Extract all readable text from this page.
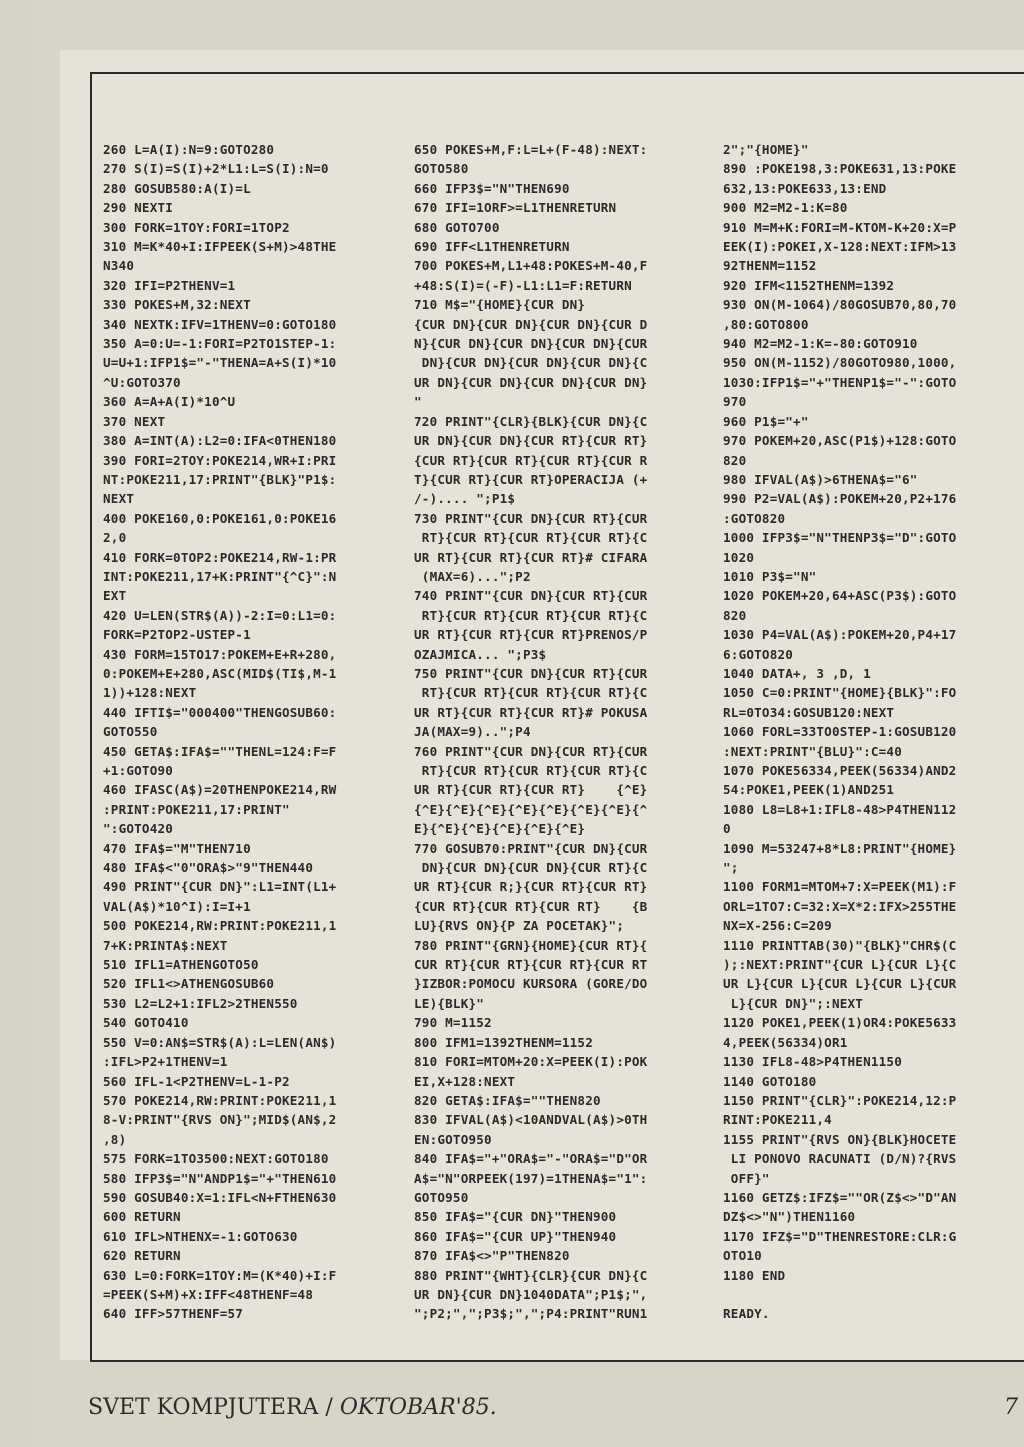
260 L=A(I):N=9:GOTO280
270 S(I)=S(I)+2*L1:L=S(I):N=0
280 GOSUB580:A(I)=L
290 NEXTI
300 FORK=1TOY:FORI=1TOP2
310 M=K*40+I:IFPEEK(S+M)>48THE
N340
320 IFI=P2THENV=1
330 POKES+M,32:NEXT
340 NEXTK:IFV=1THENV=0:GOTO180
350 A=0:U=-1:FORI=P2TO1STEP-1:
U=U+1:IFP1$="-"THENA=A+S(I)*10
^U:GOTO370
360 A=A+A(I)*10^U
370 NEXT
380 A=INT(A):L2=0:IFA<0THEN180
390 FORI=2TOY:POKE214,WR+I:PRI
NT:POKE211,17:PRINT"{BLK}"P1$:
NEXT
400 POKE160,0:POKE161,0:POKE16
2,0
410 FORK=0TOP2:POKE214,RW-1:PR
INT:POKE211,17+K:PRINT"{^C}":N
EXT
420 U=LEN(STR$(A))-2:I=0:L1=0:
FORK=P2TOP2-USTEP-1
430 FORM=15TO17:POKEM+E+R+280,
0:POKEM+E+280,ASC(MID$(TI$,M-1
1))+128:NEXT
440 IFTI$="000400"THENGOSUB60:
GOTO550
450 GETA$:IFA$=""THENL=124:F=F
+1:GOTO90
460 IFASC(A$)=20THENPOKE214,RW
:PRINT:POKE211,17:PRINT"
":GOTO420
470 IFA$="M"THEN710
480 IFA$<"0"ORA$>"9"THEN440
490 PRINT"{CUR DN}":L1=INT(L1+
VAL(A$)*10^I):I=I+1
500 POKE214,RW:PRINT:POKE211,1
7+K:PRINTA$:NEXT
510 IFL1=ATHENGOTO50
520 IFL1<>ATHENGOSUB60
530 L2=L2+1:IFL2>2THEN550
540 GOTO410
550 V=0:AN$=STR$(A):L=LEN(AN$)
:IFL>P2+1THENV=1
560 IFL-1<P2THENV=L-1-P2
570 POKE214,RW:PRINT:POKE211,1
8-V:PRINT"{RVS ON}";MID$(AN$,2
,8)
575 FORK=1TO3500:NEXT:GOTO180
580 IFP3$="N"ANDP1$="+"THEN610
590 GOSUB40:X=1:IFL<N+FTHEN630
600 RETURN
610 IFL>NTHENX=-1:GOTO630
620 RETURN
630 L=0:FORK=1TOY:M=(K*40)+I:F
=PEEK(S+M)+X:IFF<48THENF=48
640 IFF>57THENF=57
650 POKES+M,F:L=L+(F-48):NEXT:
GOTO580
660 IFP3$="N"THEN690
670 IFI=1ORF>=L1THENRETURN
680 GOTO700
690 IFF<L1THENRETURN
700 POKES+M,L1+48:POKES+M-40,F
+48:S(I)=(-F)-L1:L1=F:RETURN
710 M$="{HOME}{CUR DN}
{CUR DN}{CUR DN}{CUR DN}{CUR D
N}{CUR DN}{CUR DN}{CUR DN}{CUR
DN}{CUR DN}{CUR DN}{CUR DN}{C
UR DN}{CUR DN}{CUR DN}{CUR DN}
"
720 PRINT"{CLR}{BLK}{CUR DN}{C
UR DN}{CUR DN}{CUR RT}{CUR RT}
{CUR RT}{CUR RT}{CUR RT}{CUR R
T}{CUR RT}{CUR RT}OPERACIJA (+
/-).... ";P1$
730 PRINT"{CUR DN}{CUR RT}{CUR
RT}{CUR RT}{CUR RT}{CUR RT}{C
UR RT}{CUR RT}{CUR RT}# CIFARA
(MAX=6)...";P2
740 PRINT"{CUR DN}{CUR RT}{CUR
RT}{CUR RT}{CUR RT}{CUR RT}{C
UR RT}{CUR RT}{CUR RT}PRENOS/P
OZAJMICA... ";P3$
750 PRINT"{CUR DN}{CUR RT}{CUR
RT}{CUR RT}{CUR RT}{CUR RT}{C
UR RT}{CUR RT}{CUR RT}# POKUSA
JA(MAX=9)..";P4
760 PRINT"{CUR DN}{CUR RT}{CUR
RT}{CUR RT}{CUR RT}{CUR RT}{C
UR RT}{CUR RT}{CUR RT}    {^E}
{^E}{^E}{^E}{^E}{^E}{^E}{^E}{^
E}{^E}{^E}{^E}{^E}{^E}
770 GOSUB70:PRINT"{CUR DN}{CUR
DN}{CUR DN}{CUR DN}{CUR RT}{C
UR RT}{CUR R;}{CUR RT}{CUR RT}
{CUR RT}{CUR RT}{CUR RT}    {B
LU}{RVS ON}{P ZA POCETAK}";
780 PRINT"{GRN}{HOME}{CUR RT}{
CUR RT}{CUR RT}{CUR RT}{CUR RT
}IZBOR:POMOCU KURSORA (GORE/DO
LE){BLK}"
790 M=1152
800 IFM1=1392THENM=1152
810 FORI=MTOM+20:X=PEEK(I):POK
EI,X+128:NEXT
820 GETA$:IFA$=""THEN820
830 IFVAL(A$)<10ANDVAL(A$)>0TH
EN:GOTO950
840 IFA$="+"ORA$="-"ORA$="D"OR
A$="N"ORPEEK(197)=1THENA$="1":
GOTO950
850 IFA$="{CUR DN}"THEN900
860 IFA$="{CUR UP}"THEN940
870 IFA$<>"P"THEN820
880 PRINT"{WHT}{CLR}{CUR DN}{C
UR DN}{CUR DN}1040DATA";P1$;",
";P2;",";P3$;",";P4:PRINT"RUN1
2";"{HOME}"
890 :POKE198,3:POKE631,13:POKE
632,13:POKE633,13:END
900 M2=M2-1:K=80
910 M=M+K:FORI=M-KTOM-K+20:X=P
EEK(I):POKEI,X-128:NEXT:IFM>13
92THENM=1152
920 IFM<1152THENM=1392
930 ON(M-1064)/80GOSUB70,80,70
,80:GOTO800
940 M2=M2-1:K=-80:GOTO910
950 ON(M-1152)/80GOTO980,1000,
1030:IFP1$="+"THENP1$="-":GOTO
970
960 P1$="+"
970 POKEM+20,ASC(P1$)+128:GOTO
820
980 IFVAL(A$)>6THENA$="6"
990 P2=VAL(A$):POKEM+20,P2+176
:GOTO820
1000 IFP3$="N"THENP3$="D":GOTO
1020
1010 P3$="N"
1020 POKEM+20,64+ASC(P3$):GOTO
820
1030 P4=VAL(A$):POKEM+20,P4+17
6:GOTO820
1040 DATA+, 3 ,D, 1
1050 C=0:PRINT"{HOME}{BLK}":FO
RL=0TO34:GOSUB120:NEXT
1060 FORL=33TO0STEP-1:GOSUB120
:NEXT:PRINT"{BLU}":C=40
1070 POKE56334,PEEK(56334)AND2
54:POKE1,PEEK(1)AND251
1080 L8=L8+1:IFL8-48>P4THEN112
0
1090 M=53247+8*L8:PRINT"{HOME}
";
1100 FORM1=MTOM+7:X=PEEK(M1):F
ORL=1TO7:C=32:X=X*2:IFX>255THE
NX=X-256:C=209
1110 PRINTTAB(30)"{BLK}"CHR$(C
);:NEXT:PRINT"{CUR L}{CUR L}{C
UR L}{CUR L}{CUR L}{CUR L}{CUR
L}{CUR DN}";:NEXT
1120 POKE1,PEEK(1)OR4:POKE5633
4,PEEK(56334)OR1
1130 IFL8-48>P4THEN1150
1140 GOTO180
1150 PRINT"{CLR}":POKE214,12:P
RINT:POKE211,4
1155 PRINT"{RVS ON}{BLK}HOCETE
LI PONOVO RACUNATI (D/N)?{RVS
OFF}"
1160 GETZ$:IFZ$=""OR(Z$<>"D"AN
DZ$<>"N")THEN1160
1170 IFZ$="D"THENRESTORE:CLR:G
OTO10
1180 END

READY.
SVET KOMPJUTERA / OKTOBAR'85.	7
